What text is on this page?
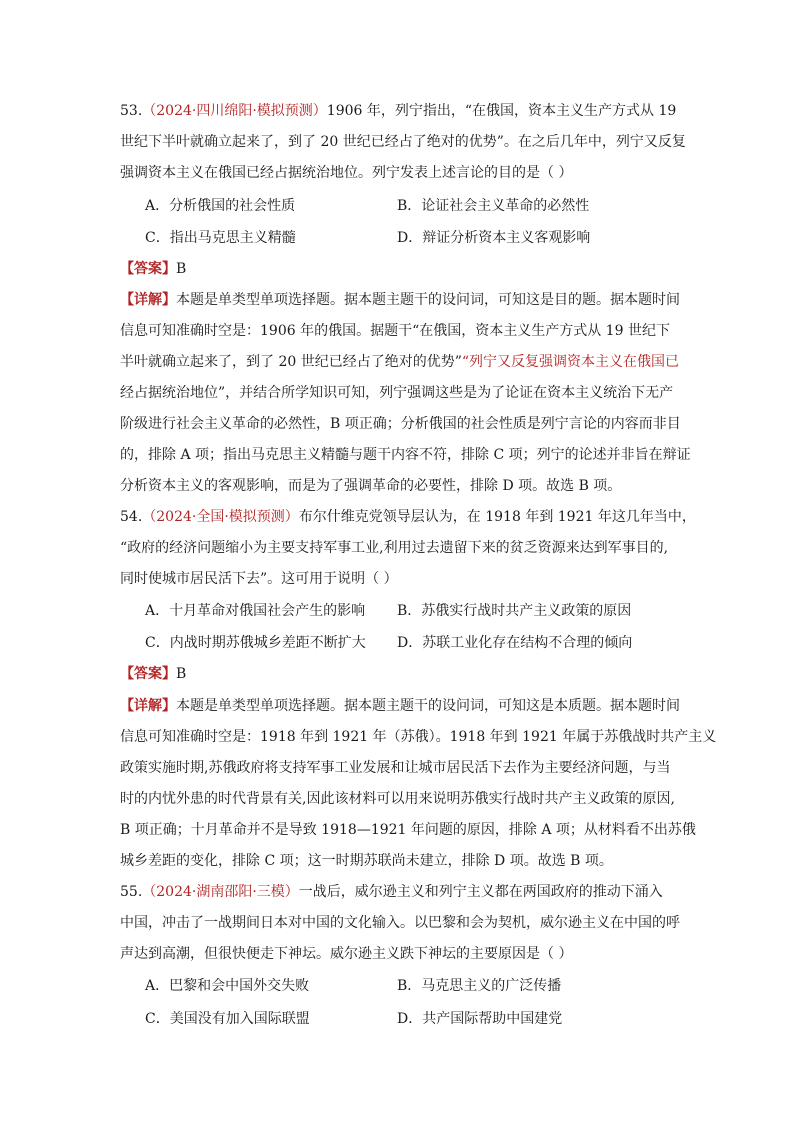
53.（2024·四川绵阳·模拟预测）1906 年，列宁指出，“在俄国，资本主义生产方式从 19
世纪下半叶就确立起来了，到了 20 世纪已经占了绝对的优势”。在之后几年中，列宁又反复
强调资本主义在俄国已经占据统治地位。列宁发表上述言论的目的是（ ）
A．分析俄国的社会性质	B．论证社会主义革命的必然性
C．指出马克思主义精髓	D．辩证分析资本主义客观影响
【答案】B
【详解】本题是单类型单项选择题。据本题主题干的设问词，可知这是目的题。据本题时间
信息可知准确时空是：1906 年的俄国。据题干“在俄国，资本主义生产方式从 19 世纪下
半叶就确立起来了，到了 20 世纪已经占了绝对的优势”“列宁又反复强调资本主义在俄国已
经占据统治地位”，并结合所学知识可知，列宁强调这些是为了论证在资本主义统治下无产
阶级进行社会主义革命的必然性，B 项正确；分析俄国的社会性质是列宁言论的内容而非目
的，排除 A 项；指出马克思主义精髓与题干内容不符，排除 C 项；列宁的论述并非旨在辩证
分析资本主义的客观影响，而是为了强调革命的必要性，排除 D 项。故选 B 项。
54.（2024·全国·模拟预测）布尔什维克党领导层认为，在 1918 年到 1921 年这几年当中，
“政府的经济问题缩小为主要支持军事工业,利用过去遗留下来的贫乏资源来达到军事目的,
同时使城市居民活下去”。这可用于说明（ ）
A．十月革命对俄国社会产生的影响 B．苏俄实行战时共产主义政策的原因
C．内战时期苏俄城乡差距不断扩大 D．苏联工业化存在结构不合理的倾向
【答案】B
【详解】本题是单类型单项选择题。据本题主题干的设问词，可知这是本质题。据本题时间
信息可知准确时空是：1918 年到 1921 年（苏俄）。1918 年到 1921 年属于苏俄战时共产主义
政策实施时期,苏俄政府将支持军事工业发展和让城市居民活下去作为主要经济问题，与当
时的内忧外患的时代背景有关,因此该材料可以用来说明苏俄实行战时共产主义政策的原因,
B 项正确；十月革命并不是导致 1918—1921 年问题的原因，排除 A 项；从材料看不出苏俄
城乡差距的变化，排除 C 项；这一时期苏联尚未建立，排除 D 项。故选 B 项。
55.（2024·湖南邵阳·三模）一战后，威尔逊主义和列宁主义都在两国政府的推动下涌入
中国，冲击了一战期间日本对中国的文化输入。以巴黎和会为契机，威尔逊主义在中国的呼
声达到高潮，但很快便走下神坛。威尔逊主义跌下神坛的主要原因是（ ）
A．巴黎和会中国外交失败	B．马克思主义的广泛传播
C．美国没有加入国际联盟	D．共产国际帮助中国建党
